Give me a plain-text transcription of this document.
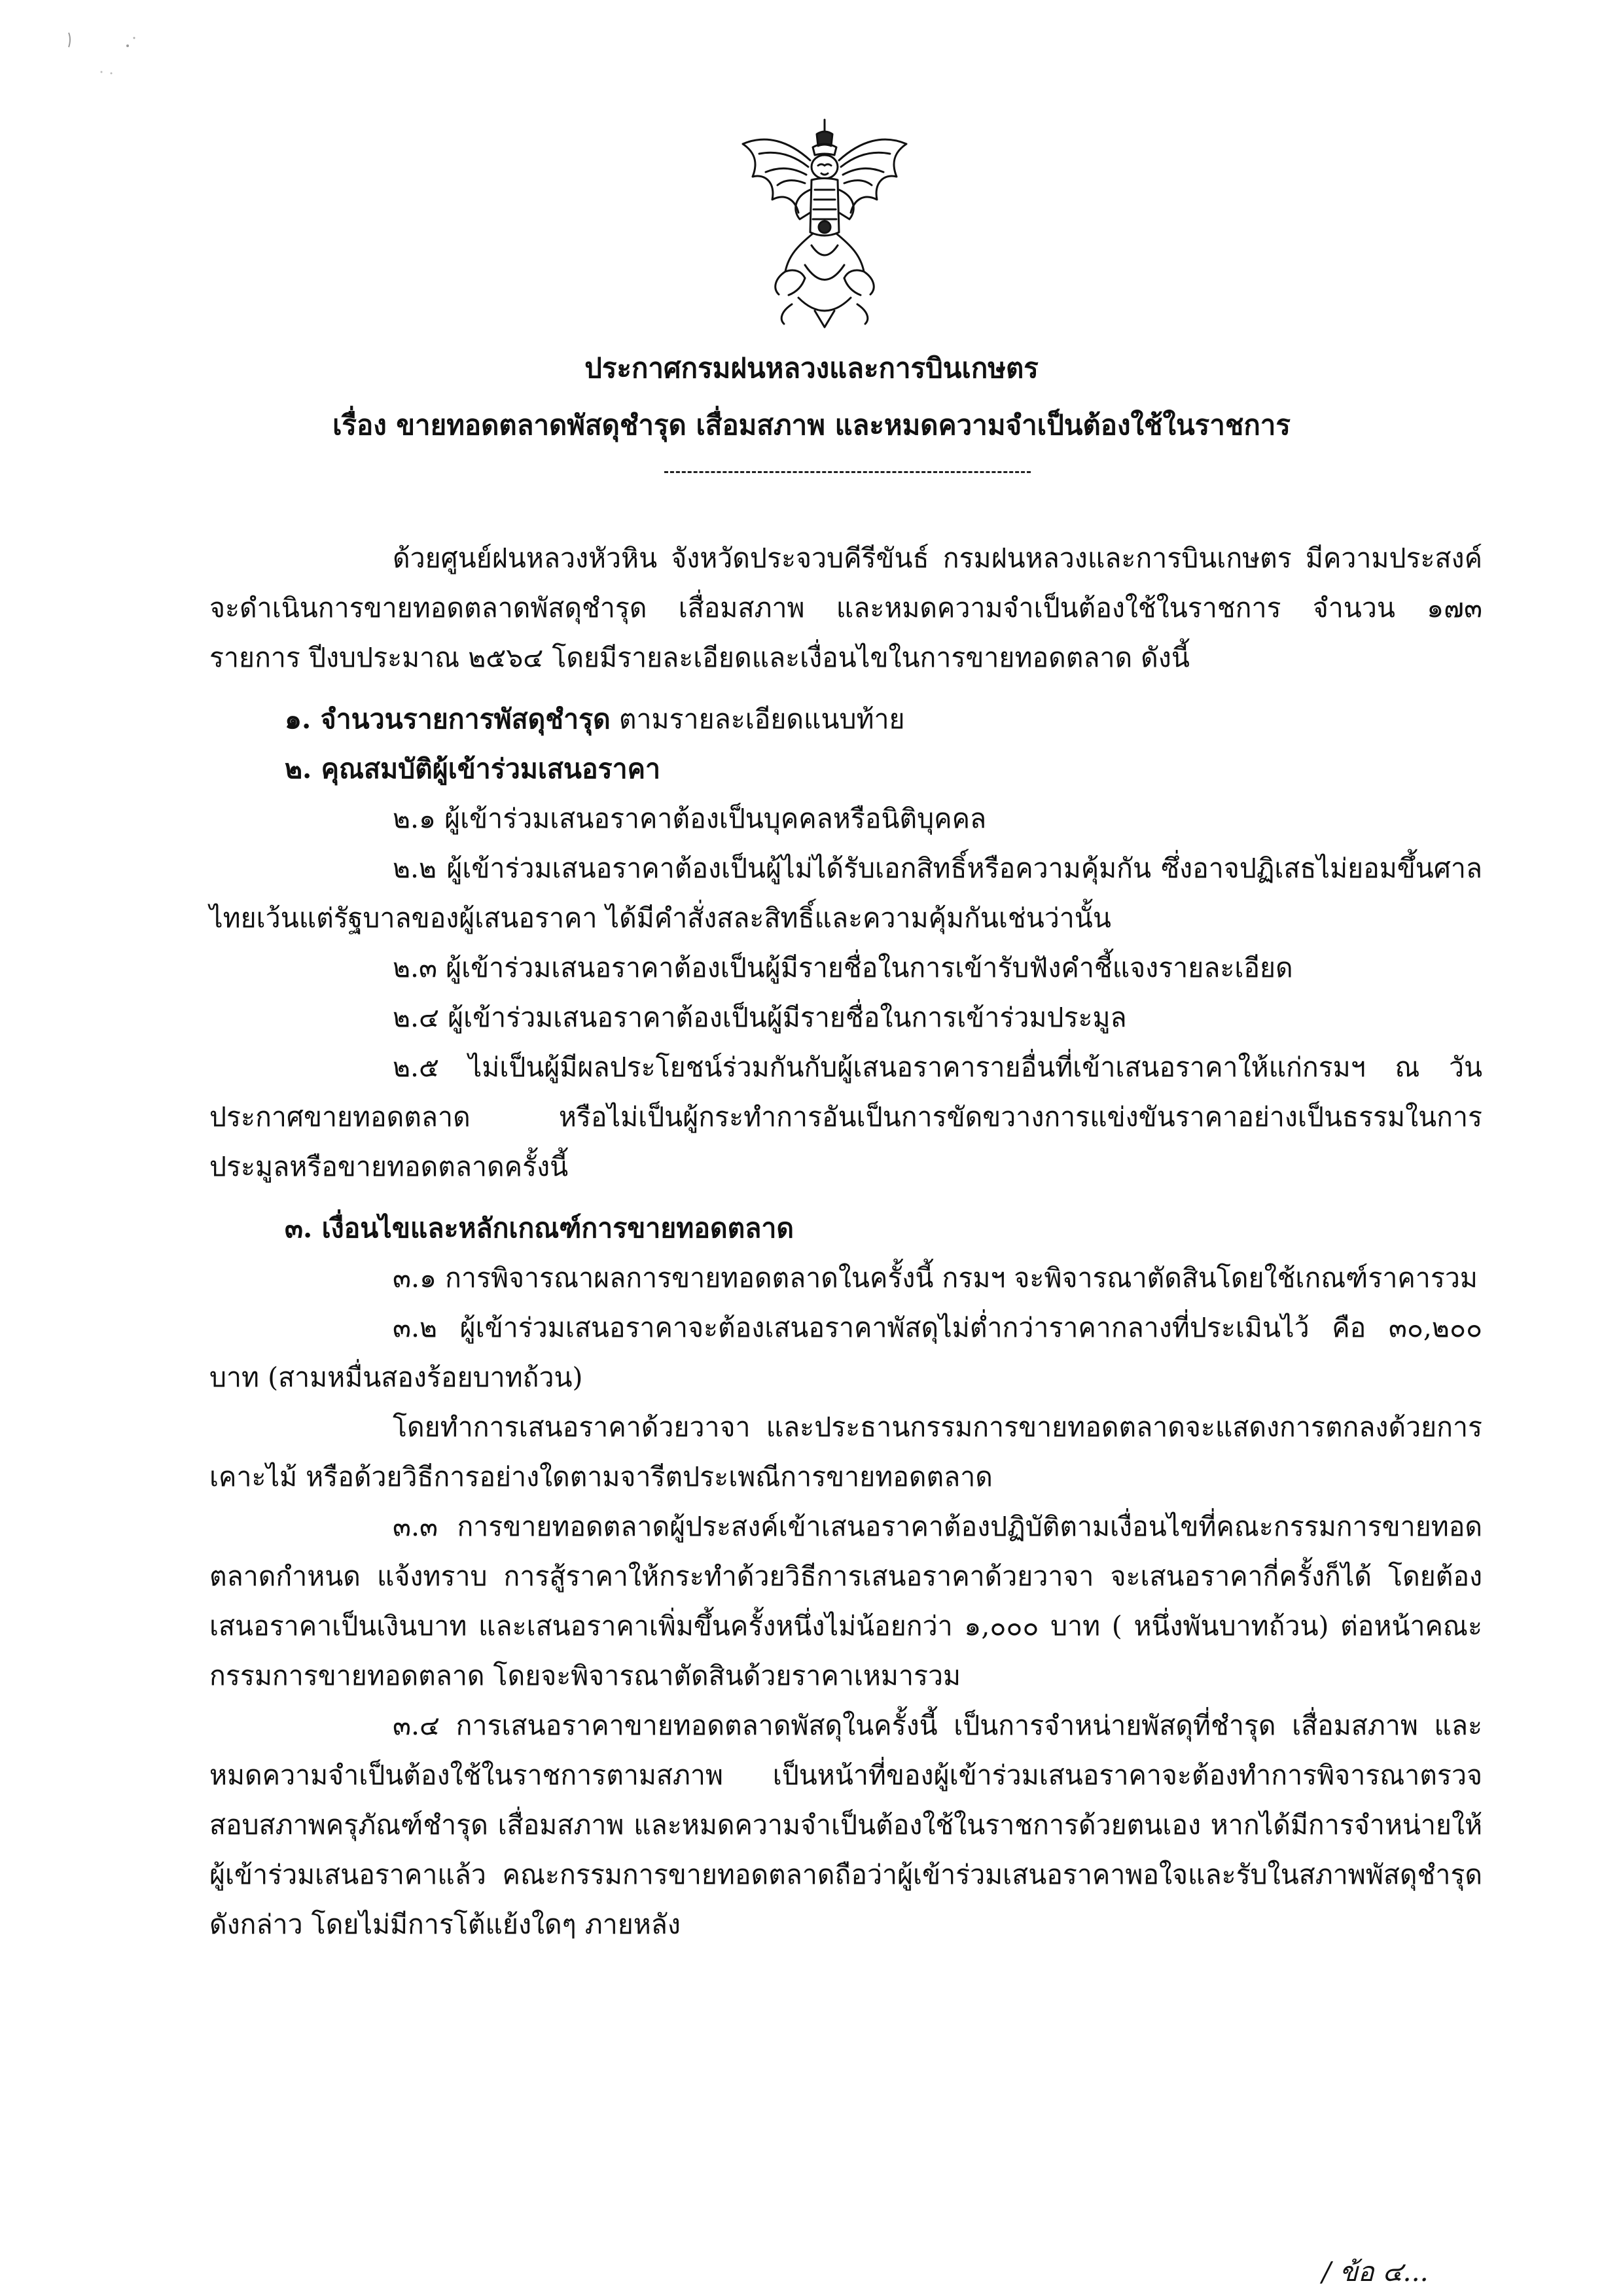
ประกาศกรมฝนหลวงและการบินเกษตร
เรื่อง ขายทอดตลาดพัสดุชำรุด เสื่อมสภาพ และหมดความจำเป็นต้องใช้ในราชการ

ด้วยศูนย์ฝนหลวงหัวหิน จังหวัดประจวบคีรีขันธ์ กรมฝนหลวงและการบินเกษตร มีความประสงค์จะดำเนินการขายทอดตลาดพัสดุชำรุด เสื่อมสภาพ และหมดความจำเป็นต้องใช้ในราชการ จำนวน ๑๗๓ รายการ ปีงบประมาณ ๒๕๖๔ โดยมีรายละเอียดและเงื่อนไขในการขายทอดตลาด ดังนี้

๑. จำนวนรายการพัสดุชำรุด ตามรายละเอียดแนบท้าย

๒. คุณสมบัติผู้เข้าร่วมเสนอราคา

๒.๑ ผู้เข้าร่วมเสนอราคาต้องเป็นบุคคลหรือนิติบุคคล

๒.๒ ผู้เข้าร่วมเสนอราคาต้องเป็นผู้ไม่ได้รับเอกสิทธิ์หรือความคุ้มกัน ซึ่งอาจปฏิเสธไม่ยอมขึ้นศาลไทยเว้นแต่รัฐบาลของผู้เสนอราคา ได้มีคำสั่งสละสิทธิ์และความคุ้มกันเช่นว่านั้น

๒.๓ ผู้เข้าร่วมเสนอราคาต้องเป็นผู้มีรายชื่อในการเข้ารับฟังคำชี้แจงรายละเอียด

๒.๔ ผู้เข้าร่วมเสนอราคาต้องเป็นผู้มีรายชื่อในการเข้าร่วมประมูล

๒.๕ ไม่เป็นผู้มีผลประโยชน์ร่วมกันกับผู้เสนอราคารายอื่นที่เข้าเสนอราคาให้แก่กรมฯ ณ วันประกาศขายทอดตลาด หรือไม่เป็นผู้กระทำการอันเป็นการขัดขวางการแข่งขันราคาอย่างเป็นธรรมในการประมูลหรือขายทอดตลาดครั้งนี้

๓. เงื่อนไขและหลักเกณฑ์การขายทอดตลาด

๓.๑ การพิจารณาผลการขายทอดตลาดในครั้งนี้ กรมฯ จะพิจารณาตัดสินโดยใช้เกณฑ์ราคารวม

๓.๒ ผู้เข้าร่วมเสนอราคาจะต้องเสนอราคาพัสดุไม่ต่ำกว่าราคากลางที่ประเมินไว้ คือ ๓๐,๒๐๐ บาท (สามหมื่นสองร้อยบาทถ้วน)

โดยทำการเสนอราคาด้วยวาจา และประธานกรรมการขายทอดตลาดจะแสดงการตกลงด้วยการเคาะไม้ หรือด้วยวิธีการอย่างใดตามจารีตประเพณีการขายทอดตลาด

๓.๓ การขายทอดตลาดผู้ประสงค์เข้าเสนอราคาต้องปฏิบัติตามเงื่อนไขที่คณะกรรมการขายทอดตลาดกำหนด แจ้งทราบ การสู้ราคาให้กระทำด้วยวิธีการเสนอราคาด้วยวาจา จะเสนอราคากี่ครั้งก็ได้ โดยต้องเสนอราคาเป็นเงินบาท และเสนอราคาเพิ่มขึ้นครั้งหนึ่งไม่น้อยกว่า ๑,๐๐๐ บาท ( หนึ่งพันบาทถ้วน) ต่อหน้าคณะกรรมการขายทอดตลาด โดยจะพิจารณาตัดสินด้วยราคาเหมารวม

๓.๔ การเสนอราคาขายทอดตลาดพัสดุในครั้งนี้ เป็นการจำหน่ายพัสดุที่ชำรุด เสื่อมสภาพ และหมดความจำเป็นต้องใช้ในราชการตามสภาพ เป็นหน้าที่ของผู้เข้าร่วมเสนอราคาจะต้องทำการพิจารณาตรวจสอบสภาพครุภัณฑ์ชำรุด เสื่อมสภาพ และหมดความจำเป็นต้องใช้ในราชการด้วยตนเอง หากได้มีการจำหน่ายให้ผู้เข้าร่วมเสนอราคาแล้ว คณะกรรมการขายทอดตลาดถือว่าผู้เข้าร่วมเสนอราคาพอใจและรับในสภาพพัสดุชำรุดดังกล่าว โดยไม่มีการโต้แย้งใดๆ ภายหลัง

/ ข้อ ๔...
